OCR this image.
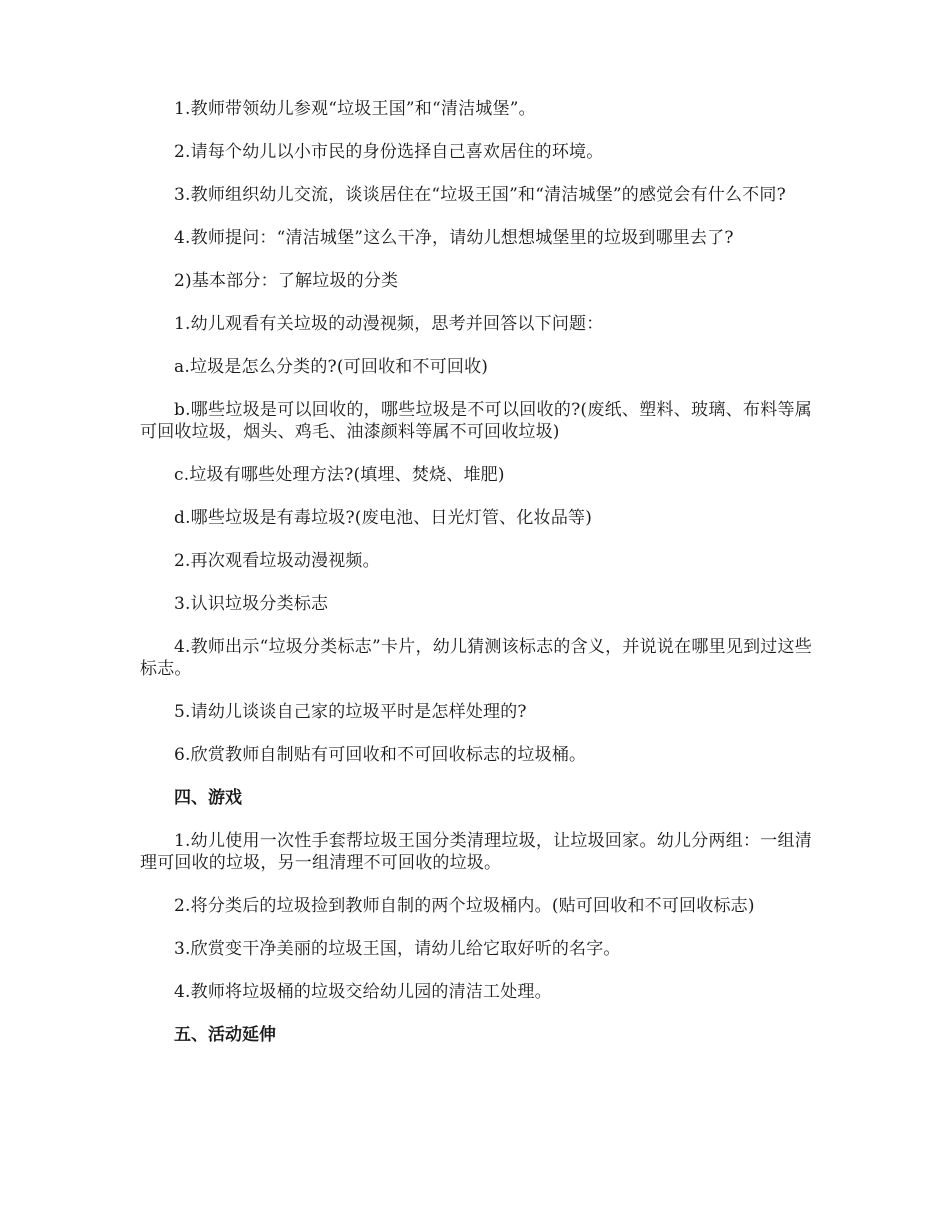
1.教师带领幼儿参观“垃圾王国”和“清洁城堡”。

2.请每个幼儿以小市民的身份选择自己喜欢居住的环境。

3.教师组织幼儿交流，谈谈居住在“垃圾王国”和“清洁城堡”的感觉会有什么不同?

4.教师提问：“清洁城堡”这么干净，请幼儿想想城堡里的垃圾到哪里去了?

2)基本部分：了解垃圾的分类

1.幼儿观看有关垃圾的动漫视频，思考并回答以下问题：

a.垃圾是怎么分类的?(可回收和不可回收)

b.哪些垃圾是可以回收的，哪些垃圾是不可以回收的?(废纸、塑料、玻璃、布料等属可回收垃圾，烟头、鸡毛、油漆颜料等属不可回收垃圾)

c.垃圾有哪些处理方法?(填埋、焚烧、堆肥)

d.哪些垃圾是有毒垃圾?(废电池、日光灯管、化妆品等)

2.再次观看垃圾动漫视频。

3.认识垃圾分类标志

4.教师出示“垃圾分类标志”卡片，幼儿猜测该标志的含义，并说说在哪里见到过这些标志。

5.请幼儿谈谈自己家的垃圾平时是怎样处理的?

6.欣赏教师自制贴有可回收和不可回收标志的垃圾桶。

四、游戏

1.幼儿使用一次性手套帮垃圾王国分类清理垃圾，让垃圾回家。幼儿分两组：一组清理可回收的垃圾，另一组清理不可回收的垃圾。

2.将分类后的垃圾捡到教师自制的两个垃圾桶内。(贴可回收和不可回收标志)

3.欣赏变干净美丽的垃圾王国，请幼儿给它取好听的名字。

4.教师将垃圾桶的垃圾交给幼儿园的清洁工处理。

五、活动延伸
